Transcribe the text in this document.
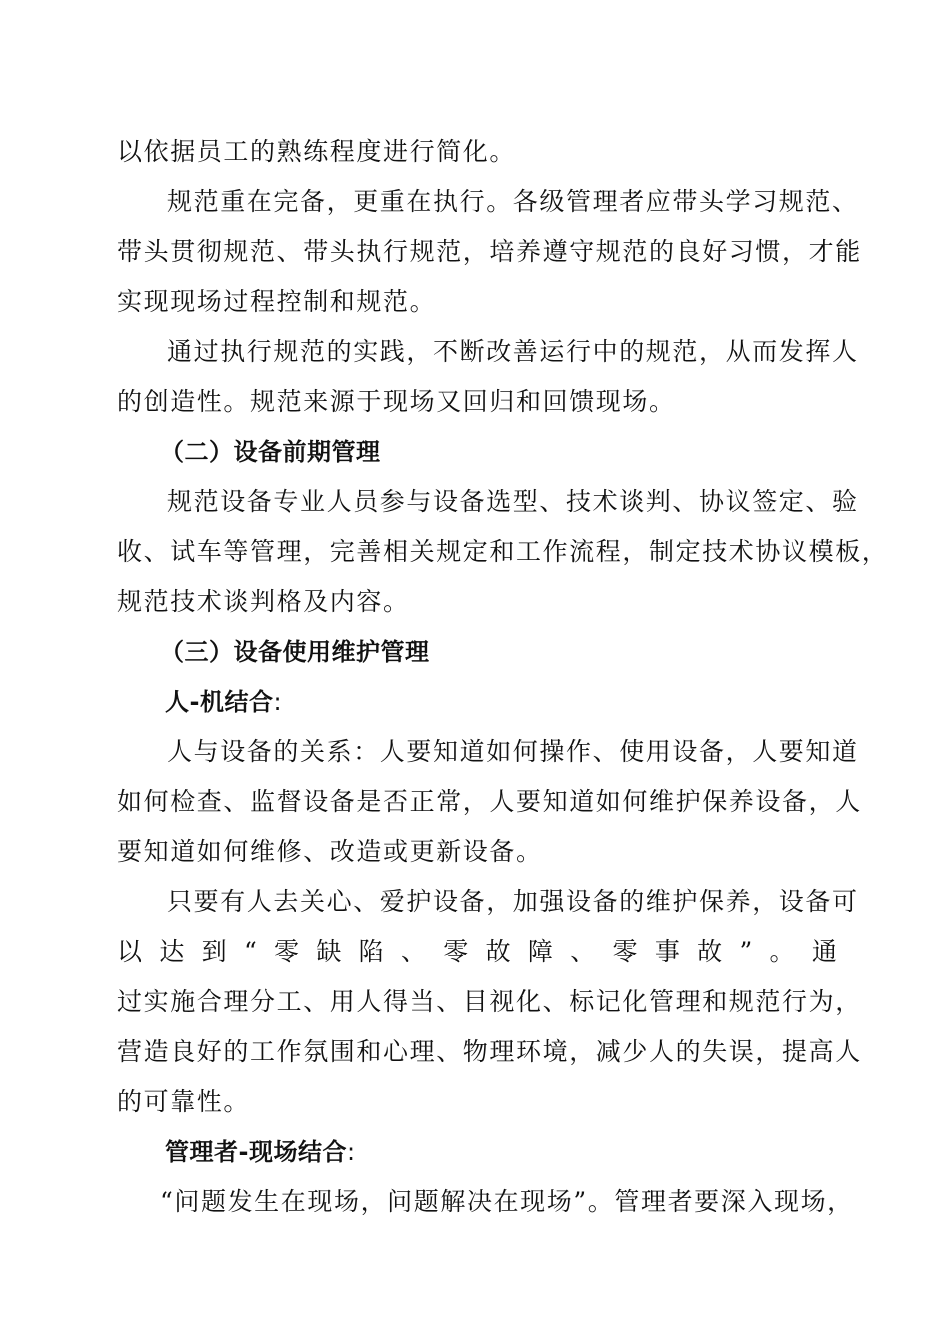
以依据员工的熟练程度进行简化。
规范重在完备，更重在执行。各级管理者应带头学习规范、
带头贯彻规范、带头执行规范，培养遵守规范的良好习惯，才能
实现现场过程控制和规范。
通过执行规范的实践，不断改善运行中的规范，从而发挥人
的创造性。规范来源于现场又回归和回馈现场。
（二）设备前期管理
规范设备专业人员参与设备选型、技术谈判、协议签定、验
收、试车等管理，完善相关规定和工作流程，制定技术协议模板，
规范技术谈判格及内容。
（三）设备使用维护管理
人-机结合:
人与设备的关系：人要知道如何操作、使用设备，人要知道
如何检查、监督设备是否正常，人要知道如何维护保养设备，人
要知道如何维修、改造或更新设备。
只要有人去关心、爱护设备，加强设备的维护保养，设备可
以 达 到 “ 零 缺 陷 、 零 故 障 、 零 事 故 ” 。 通
过实施合理分工、用人得当、目视化、标记化管理和规范行为，
营造良好的工作氛围和心理、物理环境，减少人的失误，提高人
的可靠性。
管理者-现场结合:
“问题发生在现场，问题解决在现场”。管理者要深入现场，
